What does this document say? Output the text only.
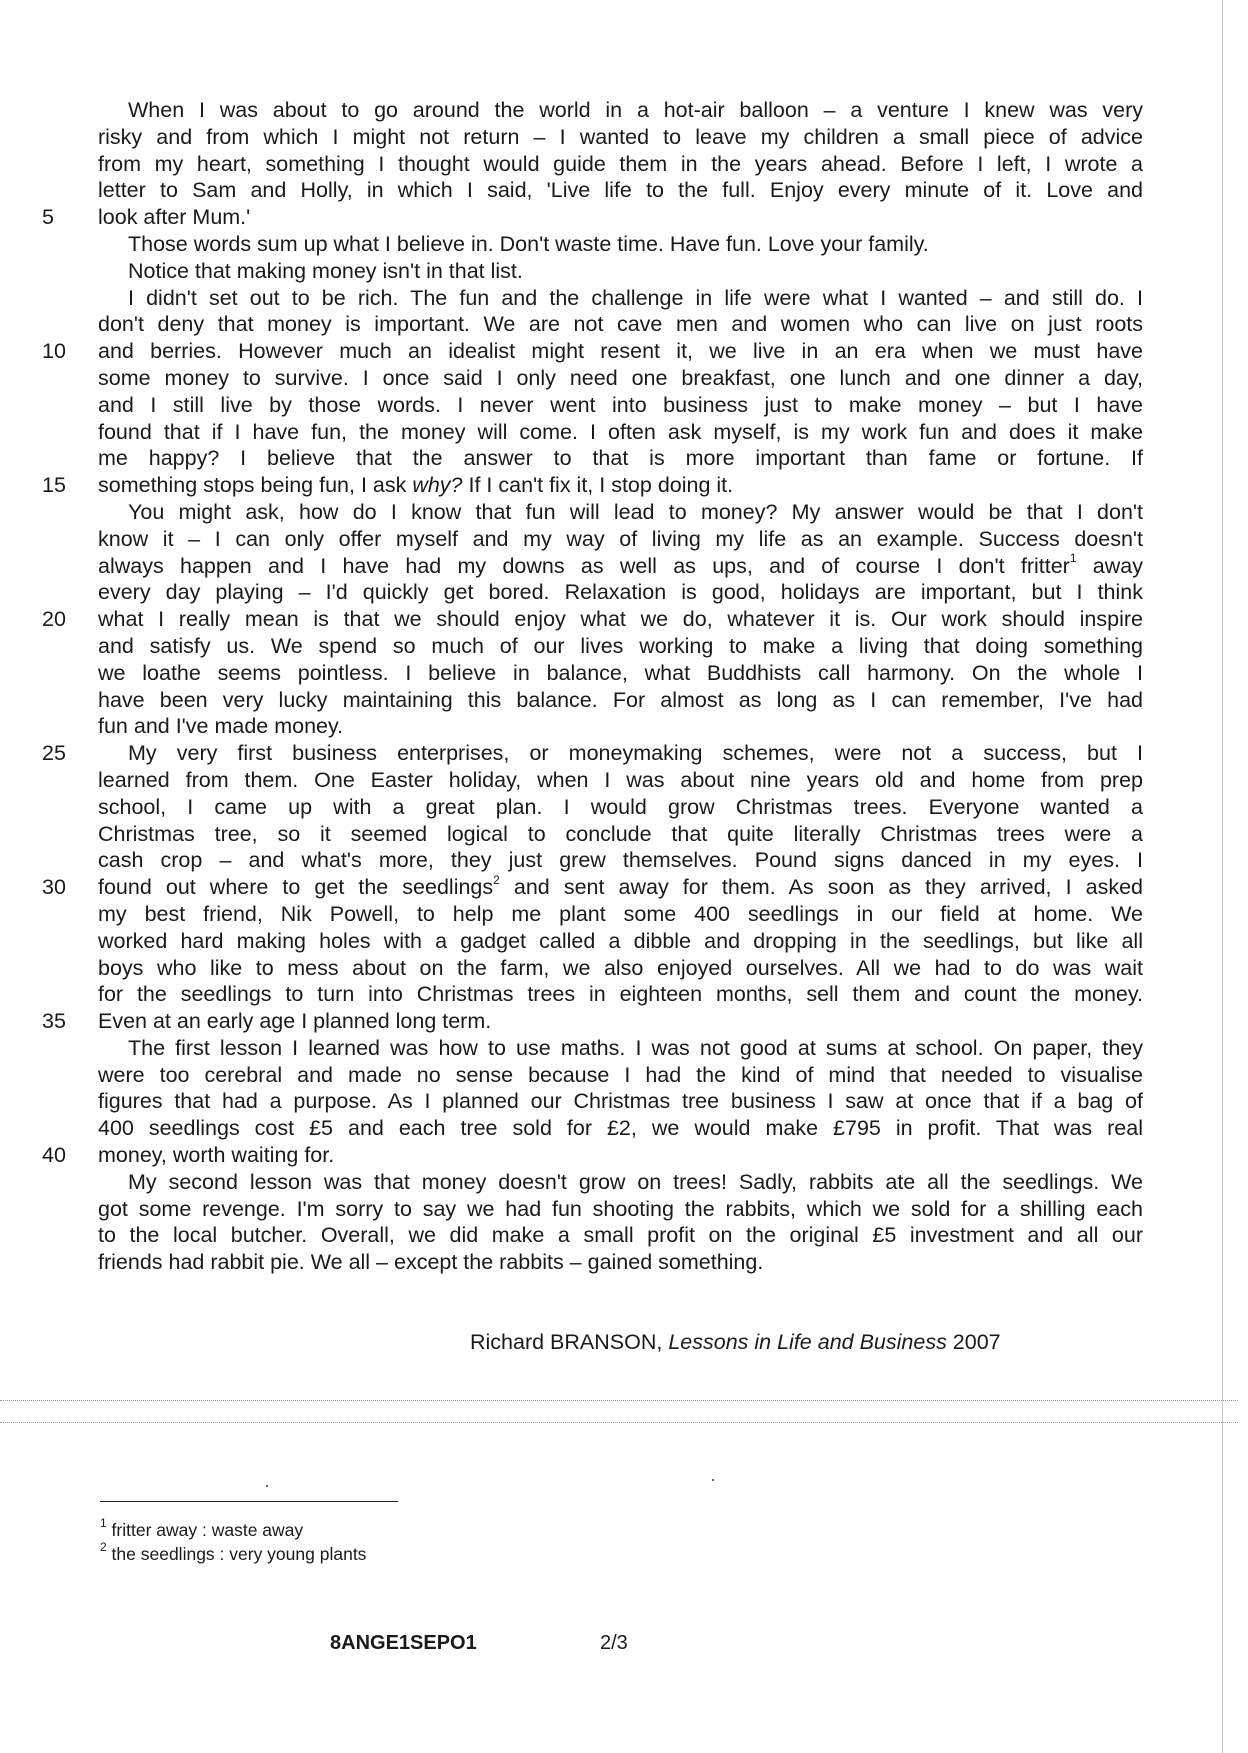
When I was about to go around the world in a hot-air balloon – a venture I knew was very
risky and from which I might not return – I wanted to leave my children a small piece of advice
from my heart, something I thought would guide them in the years ahead. Before I left, I wrote a
letter to Sam and Holly, in which I said, 'Live life to the full. Enjoy every minute of it. Love and
5	look after Mum.'
Those words sum up what I believe in. Don't waste time. Have fun. Love your family.
Notice that making money isn't in that list.
I didn't set out to be rich. The fun and the challenge in life were what I wanted – and still do. I
don't deny that money is important. We are not cave men and women who can live on just roots
10	and berries. However much an idealist might resent it, we live in an era when we must have
some money to survive. I once said I only need one breakfast, one lunch and one dinner a day,
and I still live by those words. I never went into business just to make money – but I have
found that if I have fun, the money will come. I often ask myself, is my work fun and does it make
me happy? I believe that the answer to that is more important than fame or fortune. If
15	something stops being fun, I ask why? If I can't fix it, I stop doing it.
You might ask, how do I know that fun will lead to money? My answer would be that I don't
know it – I can only offer myself and my way of living my life as an example. Success doesn't
always happen and I have had my downs as well as ups, and of course I don't fritter$^1$ away
every day playing – I'd quickly get bored. Relaxation is good, holidays are important, but I think
20	what I really mean is that we should enjoy what we do, whatever it is. Our work should inspire
and satisfy us. We spend so much of our lives working to make a living that doing something
we loathe seems pointless. I believe in balance, what Buddhists call harmony. On the whole I
have been very lucky maintaining this balance. For almost as long as I can remember, I've had
fun and I've made money.
25	My very first business enterprises, or moneymaking schemes, were not a success, but I
learned from them. One Easter holiday, when I was about nine years old and home from prep
school, I came up with a great plan. I would grow Christmas trees. Everyone wanted a
Christmas tree, so it seemed logical to conclude that quite literally Christmas trees were a
cash crop – and what's more, they just grew themselves. Pound signs danced in my eyes. I
30	found out where to get the seedlings$^2$ and sent away for them. As soon as they arrived, I asked
my best friend, Nik Powell, to help me plant some 400 seedlings in our field at home. We
worked hard making holes with a gadget called a dibble and dropping in the seedlings, but like all
boys who like to mess about on the farm, we also enjoyed ourselves. All we had to do was wait
for the seedlings to turn into Christmas trees in eighteen months, sell them and count the money.
35	Even at an early age I planned long term.
The first lesson I learned was how to use maths. I was not good at sums at school. On paper, they
were too cerebral and made no sense because I had the kind of mind that needed to visualise
figures that had a purpose. As I planned our Christmas tree business I saw at once that if a bag of
400 seedlings cost £5 and each tree sold for £2, we would make £795 in profit. That was real
40	money, worth waiting for.
My second lesson was that money doesn't grow on trees! Sadly, rabbits ate all the seedlings. We
got some revenge. I'm sorry to say we had fun shooting the rabbits, which we sold for a shilling each
to the local butcher. Overall, we did make a small profit on the original £5 investment and all our
friends had rabbit pie. We all – except the rabbits – gained something.
Richard BRANSON, Lessons in Life and Business 2007
$^1$ fritter away : waste away
$^2$ the seedlings : very young plants
8ANGE1SEPO1	2/3
